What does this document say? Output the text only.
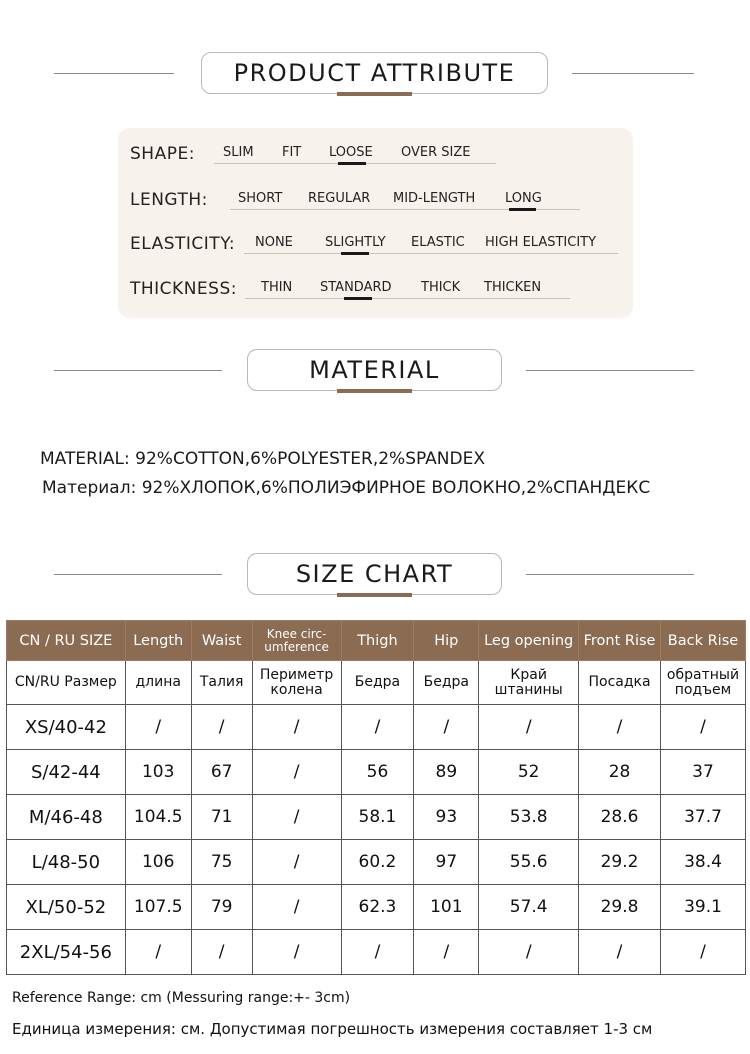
PRODUCT ATTRIBUTE
SHAPE: SLIM FIT LOOSE OVER SIZE
LENGTH: SHORT REGULAR MID-LENGTH LONG
ELASTICITY: NONE SLIGHTLY ELASTIC HIGH ELASTICITY
THICKNESS: THIN STANDARD THICK THICKEN
MATERIAL
MATERIAL: 92%COTTON,6%POLYESTER,2%SPANDEX
Материал: 92%ХЛОПОК,6%ПОЛИЭФИРНОЕ ВОЛОКНО,2%СПАНДЕКС
SIZE CHART
CN / RU SIZE	Length	Waist	Knee circ-umference	Thigh	Hip	Leg opening	Front Rise	Back Rise
CN/RU Размер	длина	Талия	Периметр колена	Бедра	Бедра	Край штанины	Посадка	обратный подъем
XS/40-42	/	/	/	/	/	/	/	/
S/42-44	103	67	/	56	89	52	28	37
M/46-48	104.5	71	/	58.1	93	53.8	28.6	37.7
L/48-50	106	75	/	60.2	97	55.6	29.2	38.4
XL/50-52	107.5	79	/	62.3	101	57.4	29.8	39.1
2XL/54-56	/	/	/	/	/	/	/	/
Reference Range: cm (Messuring range:+- 3cm)
Единица измерения: см. Допустимая погрешность измерения составляет 1-3 см
